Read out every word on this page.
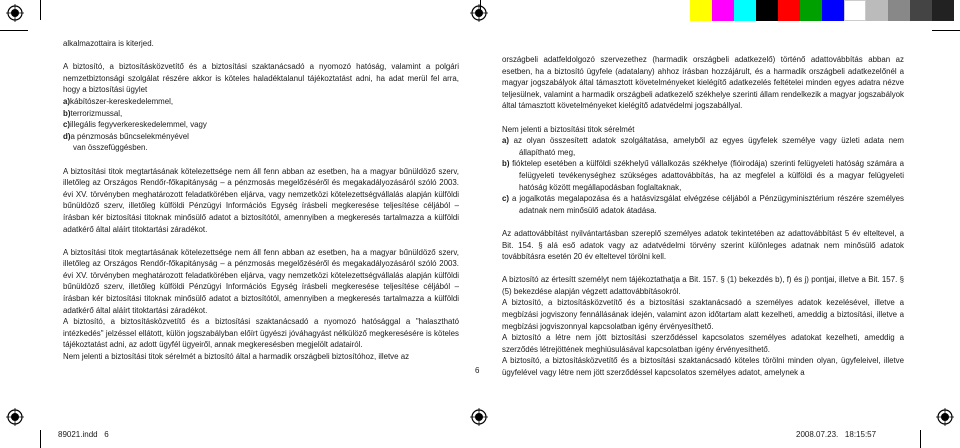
alkalmazottaira is kiterjed.

A biztosító, a biztosításközvetítő és a biztosítási szaktanácsadó a nyomozó hatóság, valamint a polgári nemzetbiztonsági szolgálat részére akkor is köteles haladéktalanul tájékoztatást adni, ha adat merül fel arra, hogy a biztosítási ügylet

a)kábítószer-kereskedelemmel,

b)terrorizmussal,

c)illegális fegyverkereskedelemmel, vagy

d)a pénzmosás bűncselekményével

van összefüggésben.

A biztosítási titok megtartásának kötelezettsége nem áll fenn abban az esetben, ha a magyar bűnüldöző szerv, illetőleg az Országos Rendőr-főkapitányság – a pénzmosás megelőzéséről és megakadályozásáról szóló 2003. évi XV. törvényben meghatározott feladatkörében eljárva, vagy nemzetközi kötelezettségvállalás alapján külföldi bűnüldöző szerv, illetőleg külföldi Pénzügyi Információs Egység írásbeli megkeresése teljesítése céljából – írásban kér biztosítási titoknak minősülő adatot a biztosítótól, amennyiben a megkeresés tartalmazza a külföldi adatkérő által aláírt titoktartási záradékot.

A biztosítási titok megtartásának kötelezettsége nem áll fenn abban az esetben, ha a magyar bűnüldöző szerv, illetőleg az Országos Rendőr-főkapitányság – a pénzmosás megelőzéséről és megakadályozásáról szóló 2003. évi XV. törvényben meghatározott feladatkörében eljárva, vagy nemzetközi kötelezettségvállalás alapján külföldi bűnüldöző szerv, illetőleg külföldi Pénzügyi Információs Egység írásbeli megkeresése teljesítése céljából – írásban kér biztosítási titoknak minősülő adatot a biztosítótól, amennyiben a megkeresés tartalmazza a külföldi adatkérő által aláírt titoktartási záradékot.

A biztosító, a biztosításközvetítő és a biztosítási szaktanácsadó a nyomozó hatósággal a "halasztható intézkedés" jelzéssel ellátott, külön jogszabályban előírt ügyészi jóváhagyást nélkülöző megkeresésére is köteles tájékoztatást adni, az adott ügyfél ügyeiről, annak megkeresésben megjelölt adatairól.

Nem jelenti a biztosítási titok sérelmét a biztosító által a harmadik országbeli biztosítóhoz, illetve az

6

országbeli adatfeldolgozó szervezethez (harmadik országbeli adatkezelő) történő adattovábbítás abban az esetben, ha a biztosító ügyfele (adatalany) ahhoz írásban hozzájárult, és a harmadik országbeli adatkezelőnél a magyar jogszabályok által támasztott követelményeket kielégítő adatkezelés feltételei minden egyes adatra nézve teljesülnek, valamint a harmadik országbeli adatkezelő székhelye szerinti állam rendelkezik a magyar jogszabályok által támasztott követelményeket kielégítő adatvédelmi jogszabállyal.

Nem jelenti a biztosítási titok sérelmét

a) az olyan összesített adatok szolgáltatása, amelyből az egyes ügyfelek személye vagy üzleti adata nem állapítható meg,

b) fióktelep esetében a külföldi székhelyű vállalkozás székhelye (fióirodája) szerinti felügyeleti hatóság számára a felügyeleti tevékenységhez szükséges adattovábbítás, ha az megfelel a külföldi és a magyar felügyeleti hatóság között megállapodásban foglaltaknak,

c) a jogalkotás megalapozása és a hatásvizsgálat elvégzése céljából a Pénzügyminisztérium részére személyes adatnak nem minősülő adatok átadása.

Az adattovábbítást nyilvántartásban szereplő személyes adatok tekintetében az adattovábbítást 5 év elteltevel, a Bit. 154. § alá eső adatok vagy az adatvédelmi törvény szerint különleges adatnak nem minősülő adatok továbbításra esetén 20 év elteltevel törölni kell.

A biztosító az értesítt személyt nem tájékoztathatja a Bit. 157. § (1) bekezdés b), f) és j) pontjai, illetve a Bit. 157. § (5) bekezdése alapján végzett adattovábbításokról.

A biztosító, a biztosításközvetítő és a biztosítási szaktanácsadó a személyes adatok kezelésével, illetve a megbízási jogviszony fennállásának idején, valamint azon időtartam alatt kezelheti, ameddig a biztosítási, illetve a megbízási jogviszonnyal kapcsolatban igény érvényesíthető.

A biztosító a létre nem jött biztosítási szerződéssel kapcsolatos személyes adatokat kezelheti, ameddig a szerződés létrejöttének meghiúsulásával kapcsolatban igény érvényesíthető.

A biztosító, a biztosításközvetítő és a biztosítási szaktanácsadó köteles törölni minden olyan, ügyfeleivel, illetve ügyfelével vagy létre nem jött szerződéssel kapcsolatos személyes adatot, amelynek a

89021.indd   6	2008.07.23.   18:15:57
